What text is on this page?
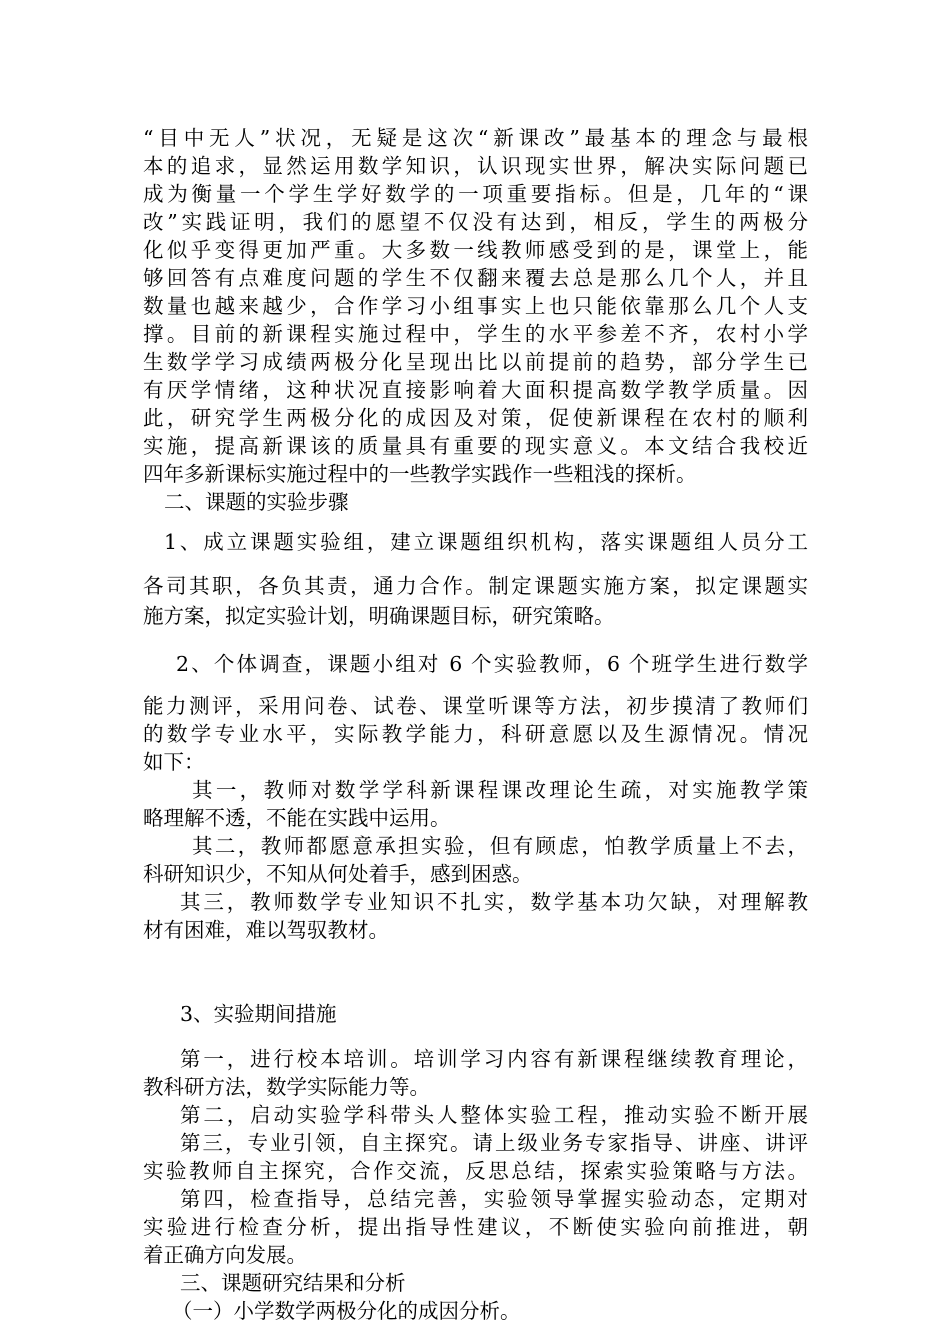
“目中无人”状况，无疑是这次“新课改”最基本的理念与最根
本的追求，显然运用数学知识，认识现实世界，解决实际问题已
成为衡量一个学生学好数学的一项重要指标。但是，几年的“课
改”实践证明，我们的愿望不仅没有达到，相反，学生的两极分
化似乎变得更加严重。大多数一线教师感受到的是，课堂上，能
够回答有点难度问题的学生不仅翻来覆去总是那么几个人，并且
数量也越来越少，合作学习小组事实上也只能依靠那么几个人支
撑。目前的新课程实施过程中，学生的水平参差不齐，农村小学
生数学学习成绩两极分化呈现出比以前提前的趋势，部分学生已
有厌学情绪，这种状况直接影响着大面积提高数学教学质量。因
此，研究学生两极分化的成因及对策，促使新课程在农村的顺利
实施，提高新课该的质量具有重要的现实意义。本文结合我校近
四年多新课标实施过程中的一些教学实践作一些粗浅的探析。
二、课题的实验步骤
1、成立课题实验组，建立课题组织机构，落实课题组人员分工
各司其职，各负其责，通力合作。制定课题实施方案，拟定课题实
施方案，拟定实验计划，明确课题目标，研究策略。
2、个体调查，课题小组对 6 个实验教师，6 个班学生进行数学
能力测评，采用问卷、试卷、课堂听课等方法，初步摸清了教师们
的数学专业水平，实际教学能力，科研意愿以及生源情况。情况
如下：
其一，教师对数学学科新课程课改理论生疏，对实施教学策
略理解不透，不能在实践中运用。
其二，教师都愿意承担实验，但有顾虑，怕教学质量上不去，
科研知识少，不知从何处着手，感到困惑。
其三，教师数学专业知识不扎实，数学基本功欠缺，对理解教
材有困难，难以驾驭教材。
3、实验期间措施
第一，进行校本培训。培训学习内容有新课程继续教育理论，
教科研方法，数学实际能力等。
第二，启动实验学科带头人整体实验工程，推动实验不断开展
第三，专业引领，自主探究。请上级业务专家指导、讲座、讲评
实验教师自主探究，合作交流，反思总结，探索实验策略与方法。
第四，检查指导，总结完善，实验领导掌握实验动态，定期对
实验进行检查分析，提出指导性建议，不断使实验向前推进，朝
着正确方向发展。
三、课题研究结果和分析
（一）小学数学两极分化的成因分析。
